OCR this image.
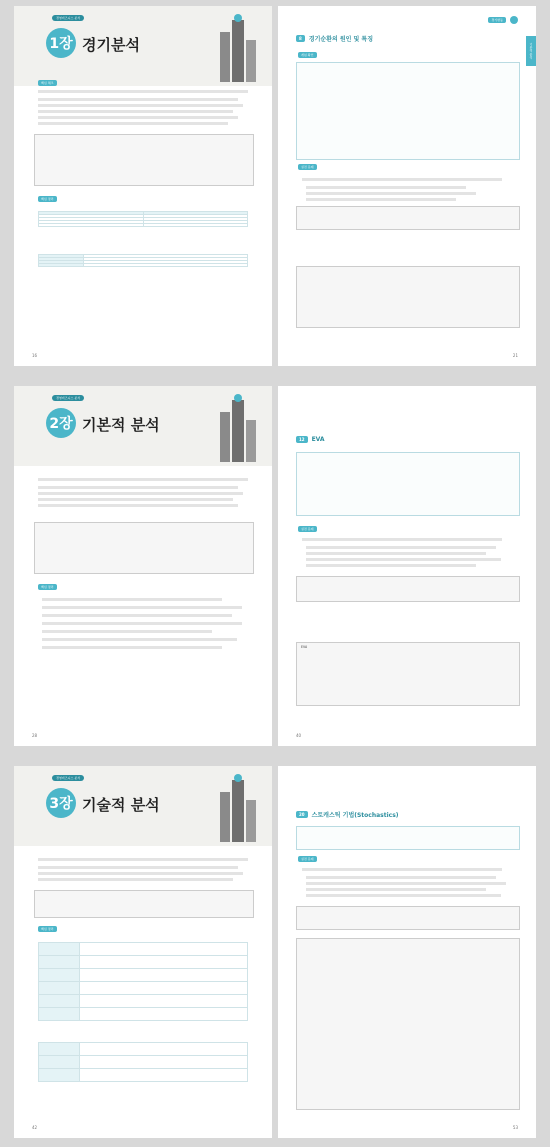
경영비즈니스 분석
1장 경기분석
핵심 체크
핵심 정리

16
경기변동
기본적 분석
8	경기순환의 원인 및 특징
개념 확인
실전 문제
21
경영비즈니스 분석
2장 기본적 분석
핵심 정리
28
12	EVA
실전 문제
EVA
40
경영비즈니스 분석
3장 기술적 분석
핵심 정리

42
20	스토캐스틱 기법(Stochastics)
실전 문제
53
